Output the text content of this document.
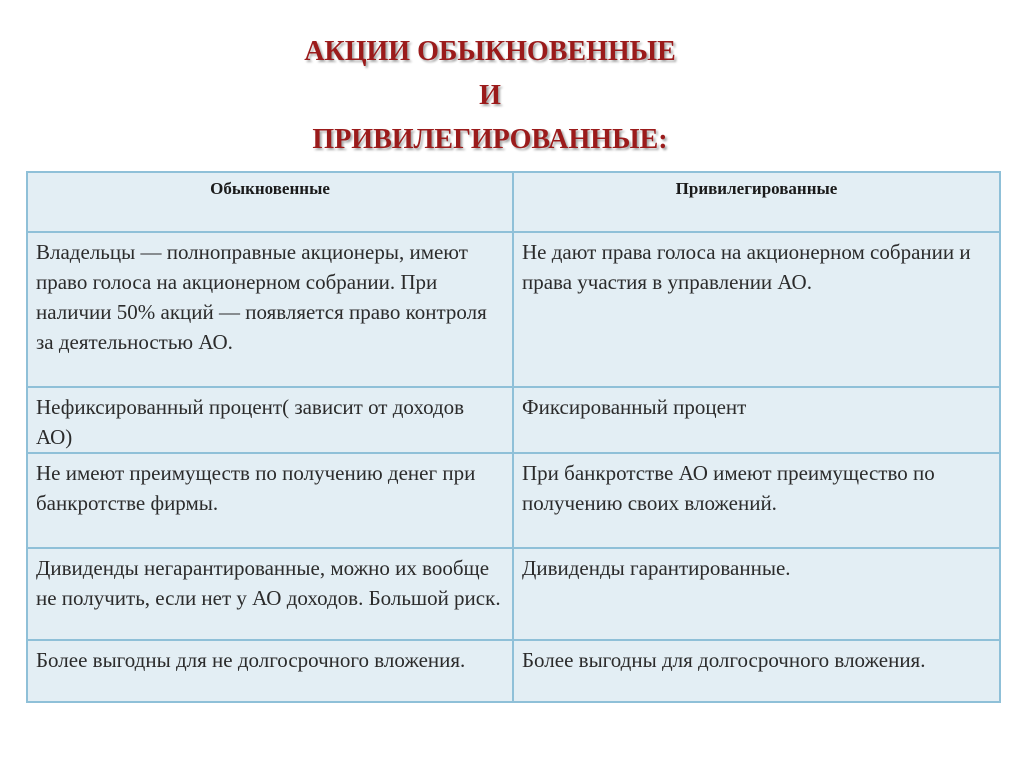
АКЦИИ ОБЫКНОВЕННЫЕ
И
ПРИВИЛЕГИРОВАННЫЕ:
Обыкновенные	Привилегированные
Владельцы — полноправные акционеры, имеют право голоса на акционерном собрании. При наличии 50% акций — появляется право контроля за деятельностью АО.	Не дают права голоса на акционерном собрании и права участия в управлении АО.
Нефиксированный процент( зависит от доходов АО)	Фиксированный процент
Не имеют преимуществ по получению денег при банкротстве фирмы.	При банкротстве АО имеют преимущество по получению своих вложений.
Дивиденды негарантированные, можно их вообще не получить, если нет у АО доходов. Большой риск.	Дивиденды гарантированные.
Более выгодны для не долгосрочного вложения.	Более выгодны для долгосрочного вложения.
